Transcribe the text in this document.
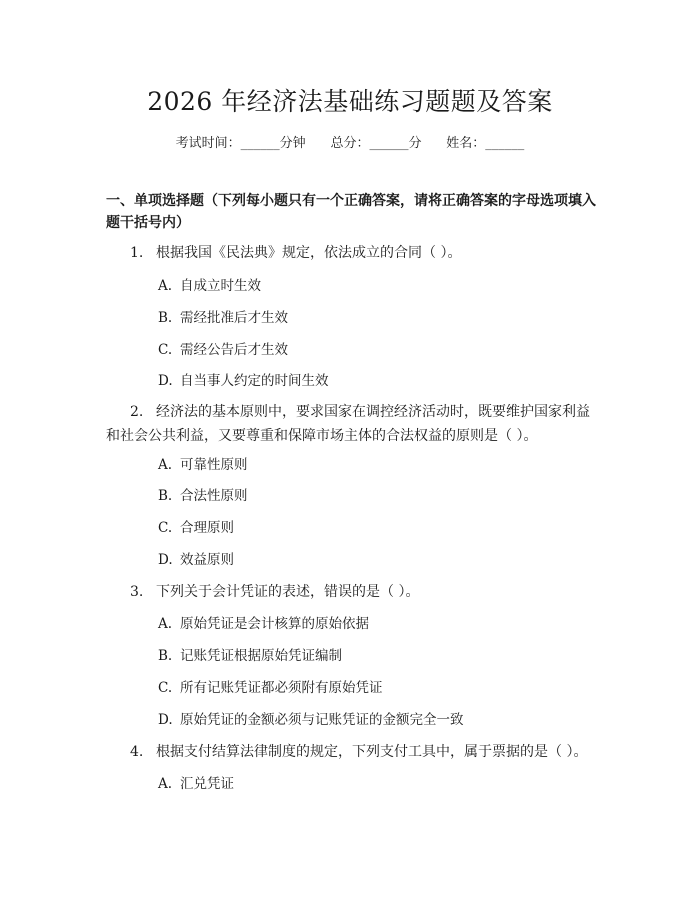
2026 年经济法基础练习题题及答案
考试时间：______分钟 总分：______分 姓名：______
一、单项选择题（下列每小题只有一个正确答案，请将正确答案的字母选项填入题干括号内）
1. 根据我国《民法典》规定，依法成立的合同（ ）。
A. 自成立时生效
B. 需经批准后才生效
C. 需经公告后才生效
D. 自当事人约定的时间生效
2. 经济法的基本原则中，要求国家在调控经济活动时，既要维护国家利益和社会公共利益，又要尊重和保障市场主体的合法权益的原则是（ ）。
A. 可靠性原则
B. 合法性原则
C. 合理原则
D. 效益原则
3. 下列关于会计凭证的表述，错误的是（ ）。
A. 原始凭证是会计核算的原始依据
B. 记账凭证根据原始凭证编制
C. 所有记账凭证都必须附有原始凭证
D. 原始凭证的金额必须与记账凭证的金额完全一致
4. 根据支付结算法律制度的规定，下列支付工具中，属于票据的是（ ）。
A. 汇兑凭证
